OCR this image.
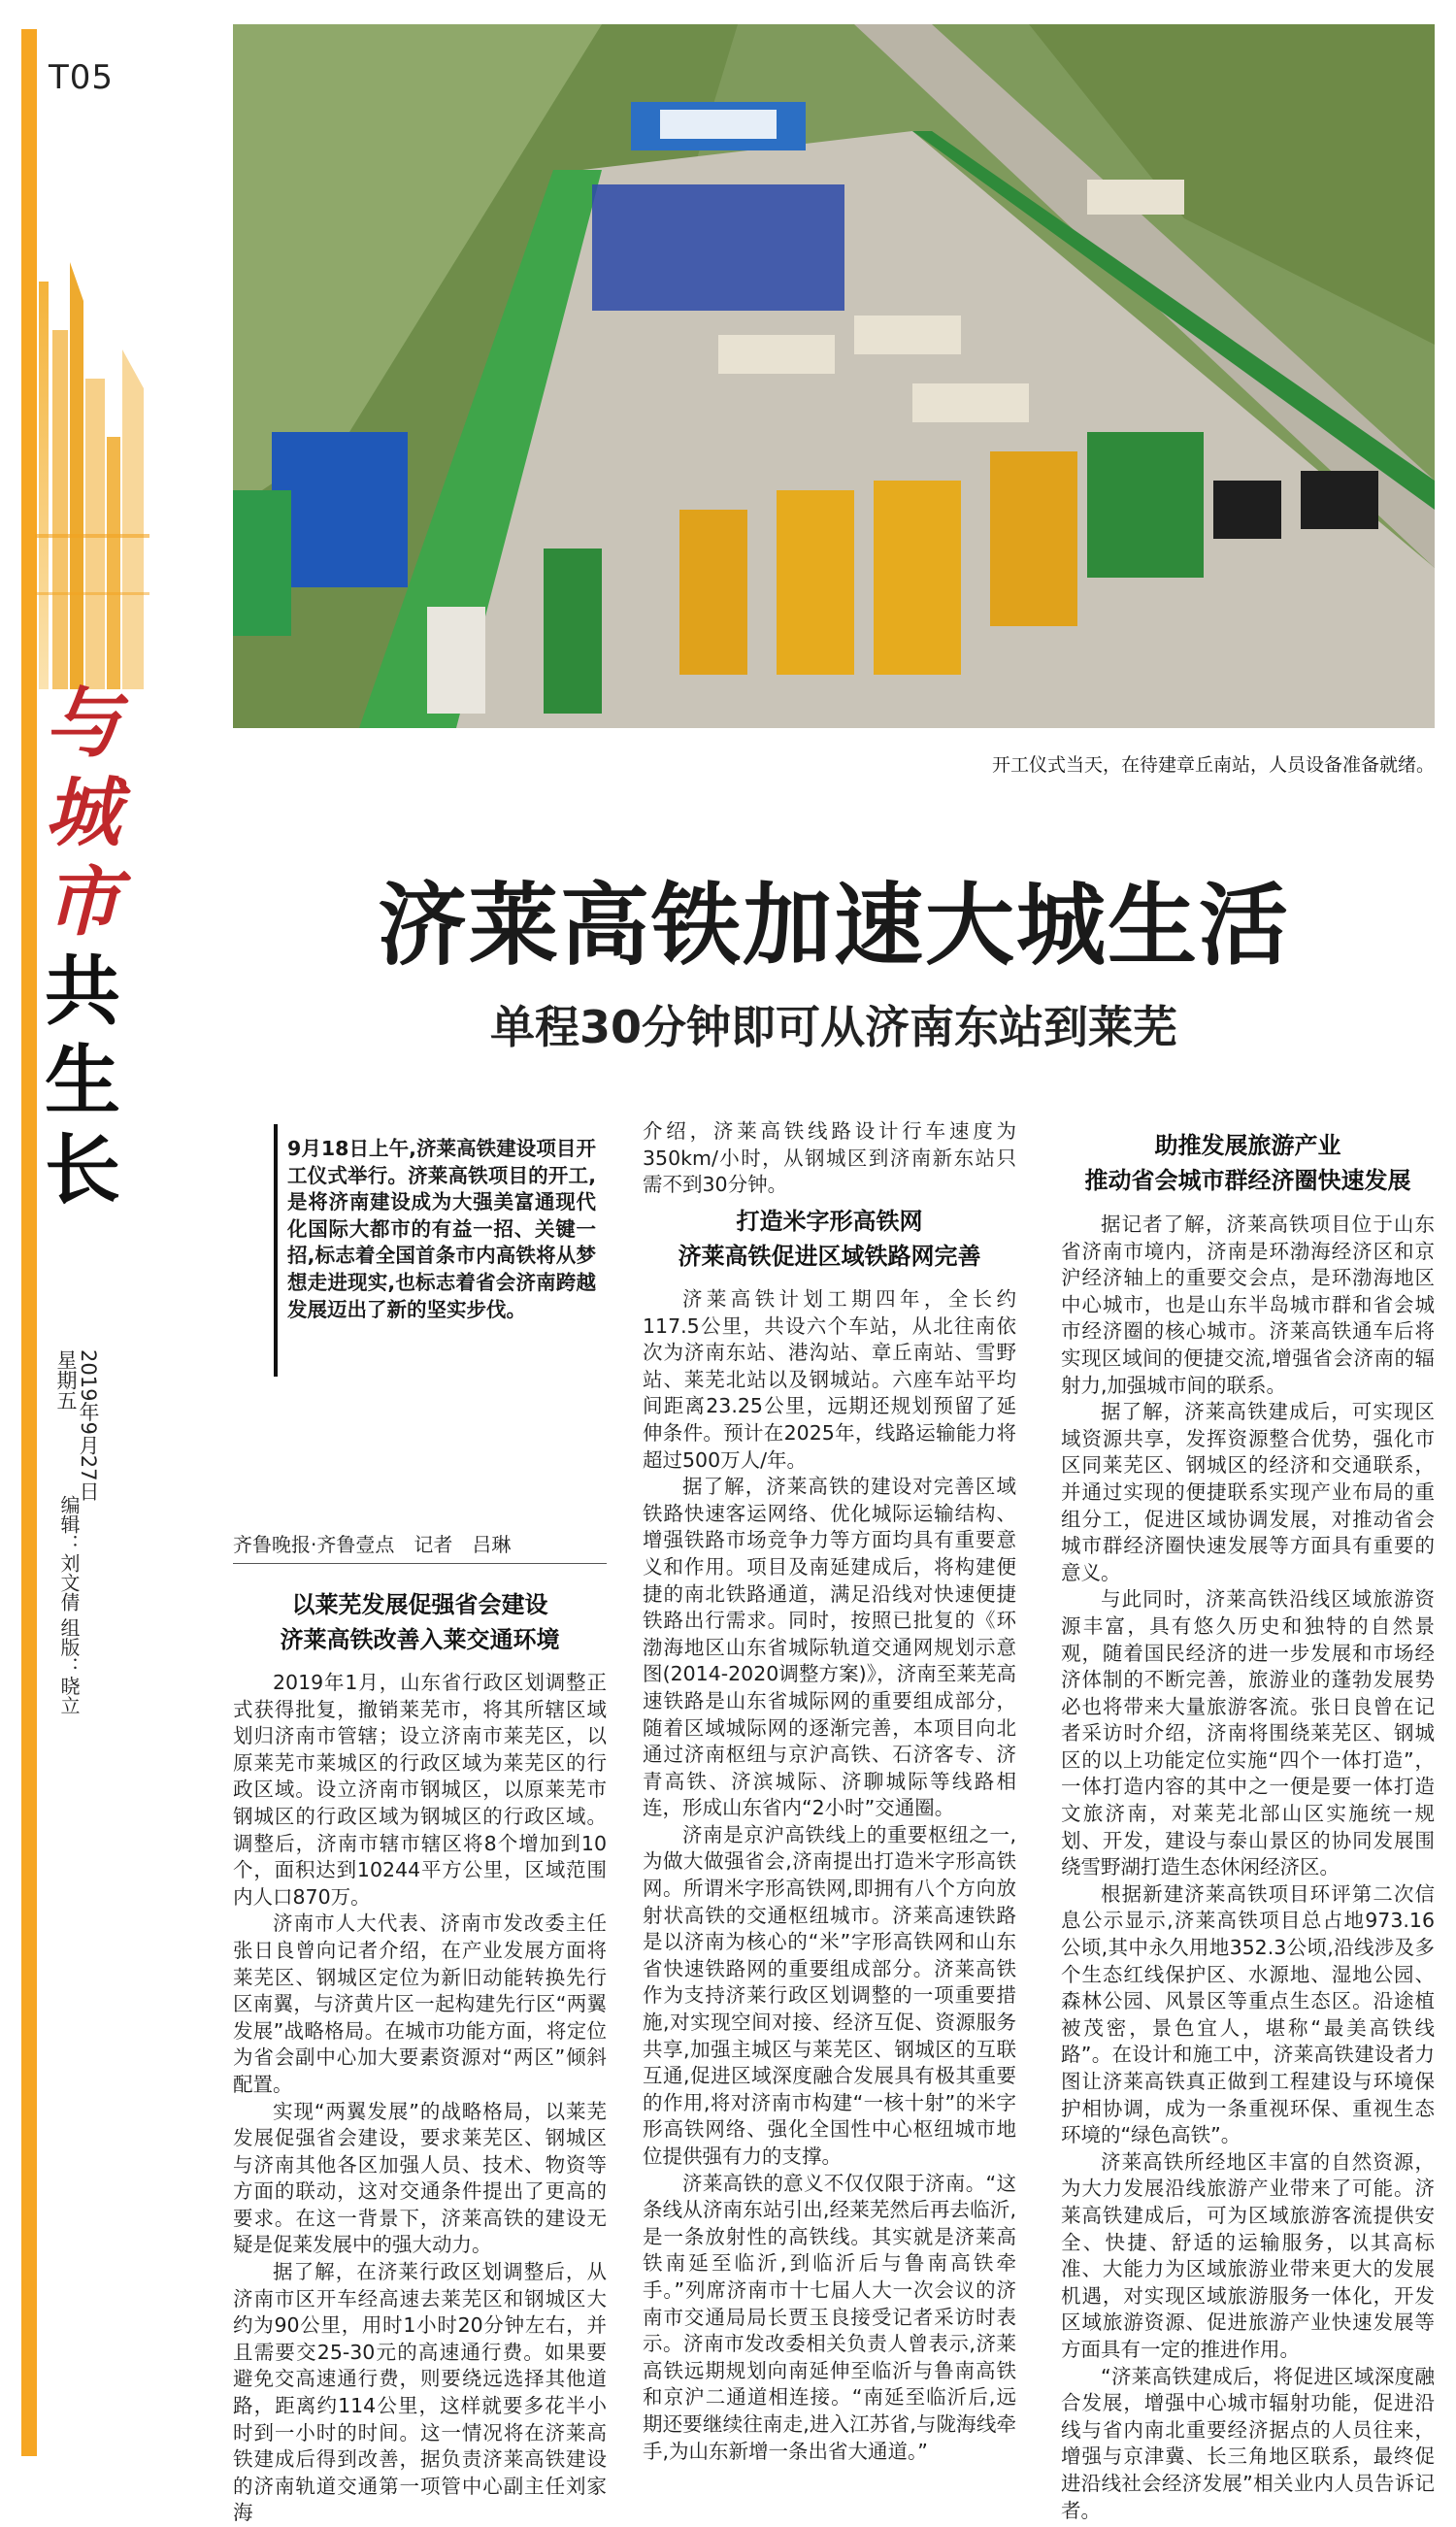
T05
与
城
市
共
生
长
2019年9月27日
星期五
编辑：刘文倩 组版：晓立
开工仪式当天，在待建章丘南站，人员设备准备就绪。
济莱高铁加速大城生活
单程30分钟即可从济南东站到莱芜
9月18日上午,济莱高铁建设项目开工仪式举行。济莱高铁项目的开工,是将济南建设成为大强美富通现代化国际大都市的有益一招、关键一招,标志着全国首条市内高铁将从梦想走进现实,也标志着省会济南跨越发展迈出了新的坚实步伐。
齐鲁晚报·齐鲁壹点　记者　吕琳
以莱芜发展促强省会建设
济莱高铁改善入莱交通环境

2019年1月，山东省行政区划调整正式获得批复，撤销莱芜市，将其所辖区域划归济南市管辖；设立济南市莱芜区，以原莱芜市莱城区的行政区域为莱芜区的行政区域。设立济南市钢城区，以原莱芜市钢城区的行政区域为钢城区的行政区域。调整后，济南市辖市辖区将8个增加到10个，面积达到10244平方公里，区域范围内人口870万。

济南市人大代表、济南市发改委主任张日良曾向记者介绍，在产业发展方面将莱芜区、钢城区定位为新旧动能转换先行区南翼，与济黄片区一起构建先行区“两翼发展”战略格局。在城市功能方面，将定位为省会副中心加大要素资源对“两区”倾斜配置。

实现“两翼发展”的战略格局，以莱芜发展促强省会建设，要求莱芜区、钢城区与济南其他各区加强人员、技术、物资等方面的联动，这对交通条件提出了更高的要求。在这一背景下，济莱高铁的建设无疑是促莱发展中的强大动力。

据了解，在济莱行政区划调整后，从济南市区开车经高速去莱芜区和钢城区大约为90公里，用时1小时20分钟左右，并且需要交25-30元的高速通行费。如果要避免交高速通行费，则要绕远选择其他道路，距离约114公里，这样就要多花半小时到一小时的时间。这一情况将在济莱高铁建成后得到改善，据负责济莱高铁建设的济南轨道交通第一项管中心副主任刘家海

介绍，济莱高铁线路设计行车速度为350km/小时，从钢城区到济南新东站只需不到30分钟。

打造米字形高铁网
济莱高铁促进区域铁路网完善

济莱高铁计划工期四年，全长约117.5公里，共设六个车站，从北往南依次为济南东站、港沟站、章丘南站、雪野站、莱芜北站以及钢城站。六座车站平均间距离23.25公里，远期还规划预留了延伸条件。预计在2025年，线路运输能力将超过500万人/年。

据了解，济莱高铁的建设对完善区域铁路快速客运网络、优化城际运输结构、增强铁路市场竞争力等方面均具有重要意义和作用。项目及南延建成后，将构建便捷的南北铁路通道，满足沿线对快速便捷铁路出行需求。同时，按照已批复的《环渤海地区山东省城际轨道交通网规划示意图(2014-2020调整方案)》，济南至莱芜高速铁路是山东省城际网的重要组成部分，随着区域城际网的逐渐完善，本项目向北通过济南枢纽与京沪高铁、石济客专、济青高铁、济滨城际、济聊城际等线路相连，形成山东省内“2小时”交通圈。

济南是京沪高铁线上的重要枢纽之一,为做大做强省会,济南提出打造米字形高铁网。所谓米字形高铁网,即拥有八个方向放射状高铁的交通枢纽城市。济莱高速铁路是以济南为核心的“米”字形高铁网和山东省快速铁路网的重要组成部分。济莱高铁作为支持济莱行政区划调整的一项重要措施,对实现空间对接、经济互促、资源服务共享,加强主城区与莱芜区、钢城区的互联互通,促进区域深度融合发展具有极其重要的作用,将对济南市构建“一核十射”的米字形高铁网络、强化全国性中心枢纽城市地位提供强有力的支撑。

济莱高铁的意义不仅仅限于济南。“这条线从济南东站引出,经莱芜然后再去临沂,是一条放射性的高铁线。其实就是济莱高铁南延至临沂,到临沂后与鲁南高铁牵手。”列席济南市十七届人大一次会议的济南市交通局局长贾玉良接受记者采访时表示。济南市发改委相关负责人曾表示,济莱高铁远期规划向南延伸至临沂与鲁南高铁和京沪二通道相连接。“南延至临沂后,远期还要继续往南走,进入江苏省,与陇海线牵手,为山东新增一条出省大通道。”

助推发展旅游产业
推动省会城市群经济圈快速发展

据记者了解，济莱高铁项目位于山东省济南市境内，济南是环渤海经济区和京沪经济轴上的重要交会点，是环渤海地区中心城市，也是山东半岛城市群和省会城市经济圈的核心城市。济莱高铁通车后将实现区域间的便捷交流,增强省会济南的辐射力,加强城市间的联系。

据了解，济莱高铁建成后，可实现区域资源共享，发挥资源整合优势，强化市区同莱芜区、钢城区的经济和交通联系，并通过实现的便捷联系实现产业布局的重组分工，促进区域协调发展，对推动省会城市群经济圈快速发展等方面具有重要的意义。

与此同时，济莱高铁沿线区域旅游资源丰富，具有悠久历史和独特的自然景观，随着国民经济的进一步发展和市场经济体制的不断完善，旅游业的蓬勃发展势必也将带来大量旅游客流。张日良曾在记者采访时介绍，济南将围绕莱芜区、钢城区的以上功能定位实施“四个一体打造”，一体打造内容的其中之一便是要一体打造文旅济南，对莱芜北部山区实施统一规划、开发，建设与泰山景区的协同发展围绕雪野湖打造生态休闲经济区。

根据新建济莱高铁项目环评第二次信息公示显示,济莱高铁项目总占地973.16公顷,其中永久用地352.3公顷,沿线涉及多个生态红线保护区、水源地、湿地公园、森林公园、风景区等重点生态区。沿途植被茂密，景色宜人，堪称“最美高铁线路”。在设计和施工中，济莱高铁建设者力图让济莱高铁真正做到工程建设与环境保护相协调，成为一条重视环保、重视生态环境的“绿色高铁”。

济莱高铁所经地区丰富的自然资源，为大力发展沿线旅游产业带来了可能。济莱高铁建成后，可为区域旅游客流提供安全、快捷、舒适的运输服务，以其高标准、大能力为区域旅游业带来更大的发展机遇，对实现区域旅游服务一体化，开发区域旅游资源、促进旅游产业快速发展等方面具有一定的推进作用。

“济莱高铁建成后，将促进区域深度融合发展，增强中心城市辐射功能，促进沿线与省内南北重要经济据点的人员往来，增强与京津冀、长三角地区联系，最终促进沿线社会经济发展”相关业内人员告诉记者。
